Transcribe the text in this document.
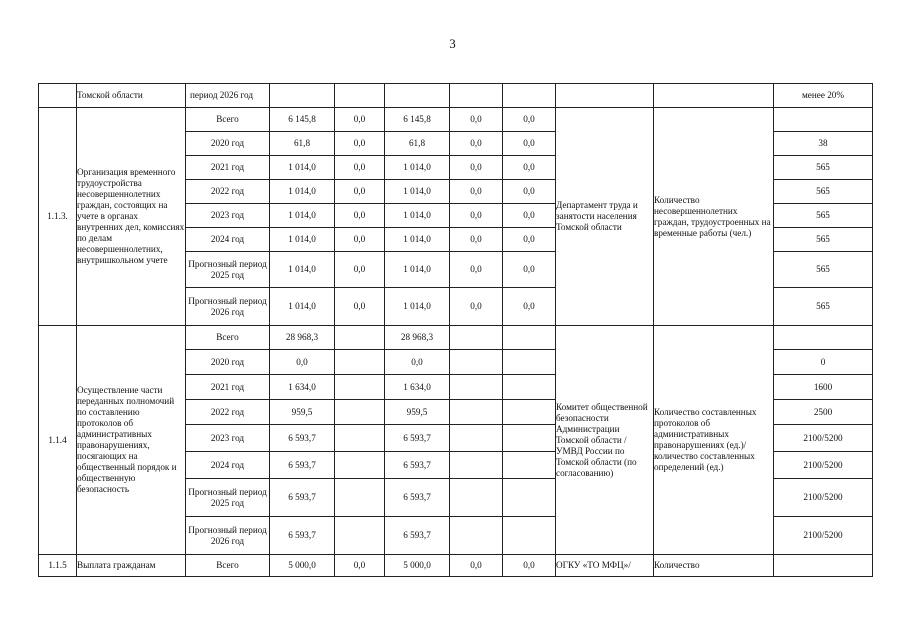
3
	Томской области	период 2026 год								менее 20%
1.1.3.	Организация временного трудоустройства несовершеннолетних граждан, состоящих на учете в органах внутренних дел, комиссиях по делам несовершеннолетних, внутришкольном учете	Всего	6 145,8	0,0	6 145,8	0,0	0,0	Департамент труда и занятости населения Томской области	Количество несовершеннолетних граждан, трудоустроенных на временные работы (чел.)	
		2020 год	61,8	0,0	61,8	0,0	0,0			38
		2021 год	1 014,0	0,0	1 014,0	0,0	0,0			565
		2022 год	1 014,0	0,0	1 014,0	0,0	0,0			565
		2023 год	1 014,0	0,0	1 014,0	0,0	0,0			565
		2024 год	1 014,0	0,0	1 014,0	0,0	0,0			565
		Прогнозный период 2025 год	1 014,0	0,0	1 014,0	0,0	0,0			565
		Прогнозный период 2026 год	1 014,0	0,0	1 014,0	0,0	0,0			565
1.1.4	Осуществление части переданных полномочий по составлению протоколов об административных правонарушениях, посягающих на общественный порядок и общественную безопасность	Всего	28 968,3		28 968,3			Комитет общественной безопасности Администрации Томской области / УМВД России по Томской области (по согласованию)	Количество составленных протоколов об административных правонарушениях (ед.)/ количество составленных определений (ед.)	
		2020 год	0,0		0,0					0
		2021 год	1 634,0		1 634,0					1600
		2022 год	959,5		959,5					2500
		2023 год	6 593,7		6 593,7					2100/5200
		2024 год	6 593,7		6 593,7					2100/5200
		Прогнозный период 2025 год	6 593,7		6 593,7					2100/5200
		Прогнозный период 2026 год	6 593,7		6 593,7					2100/5200
1.1.5	Выплата гражданам	Всего	5 000,0	0,0	5 000,0	0,0	0,0	ОГКУ «ТО МФЦ»/	Количество	
